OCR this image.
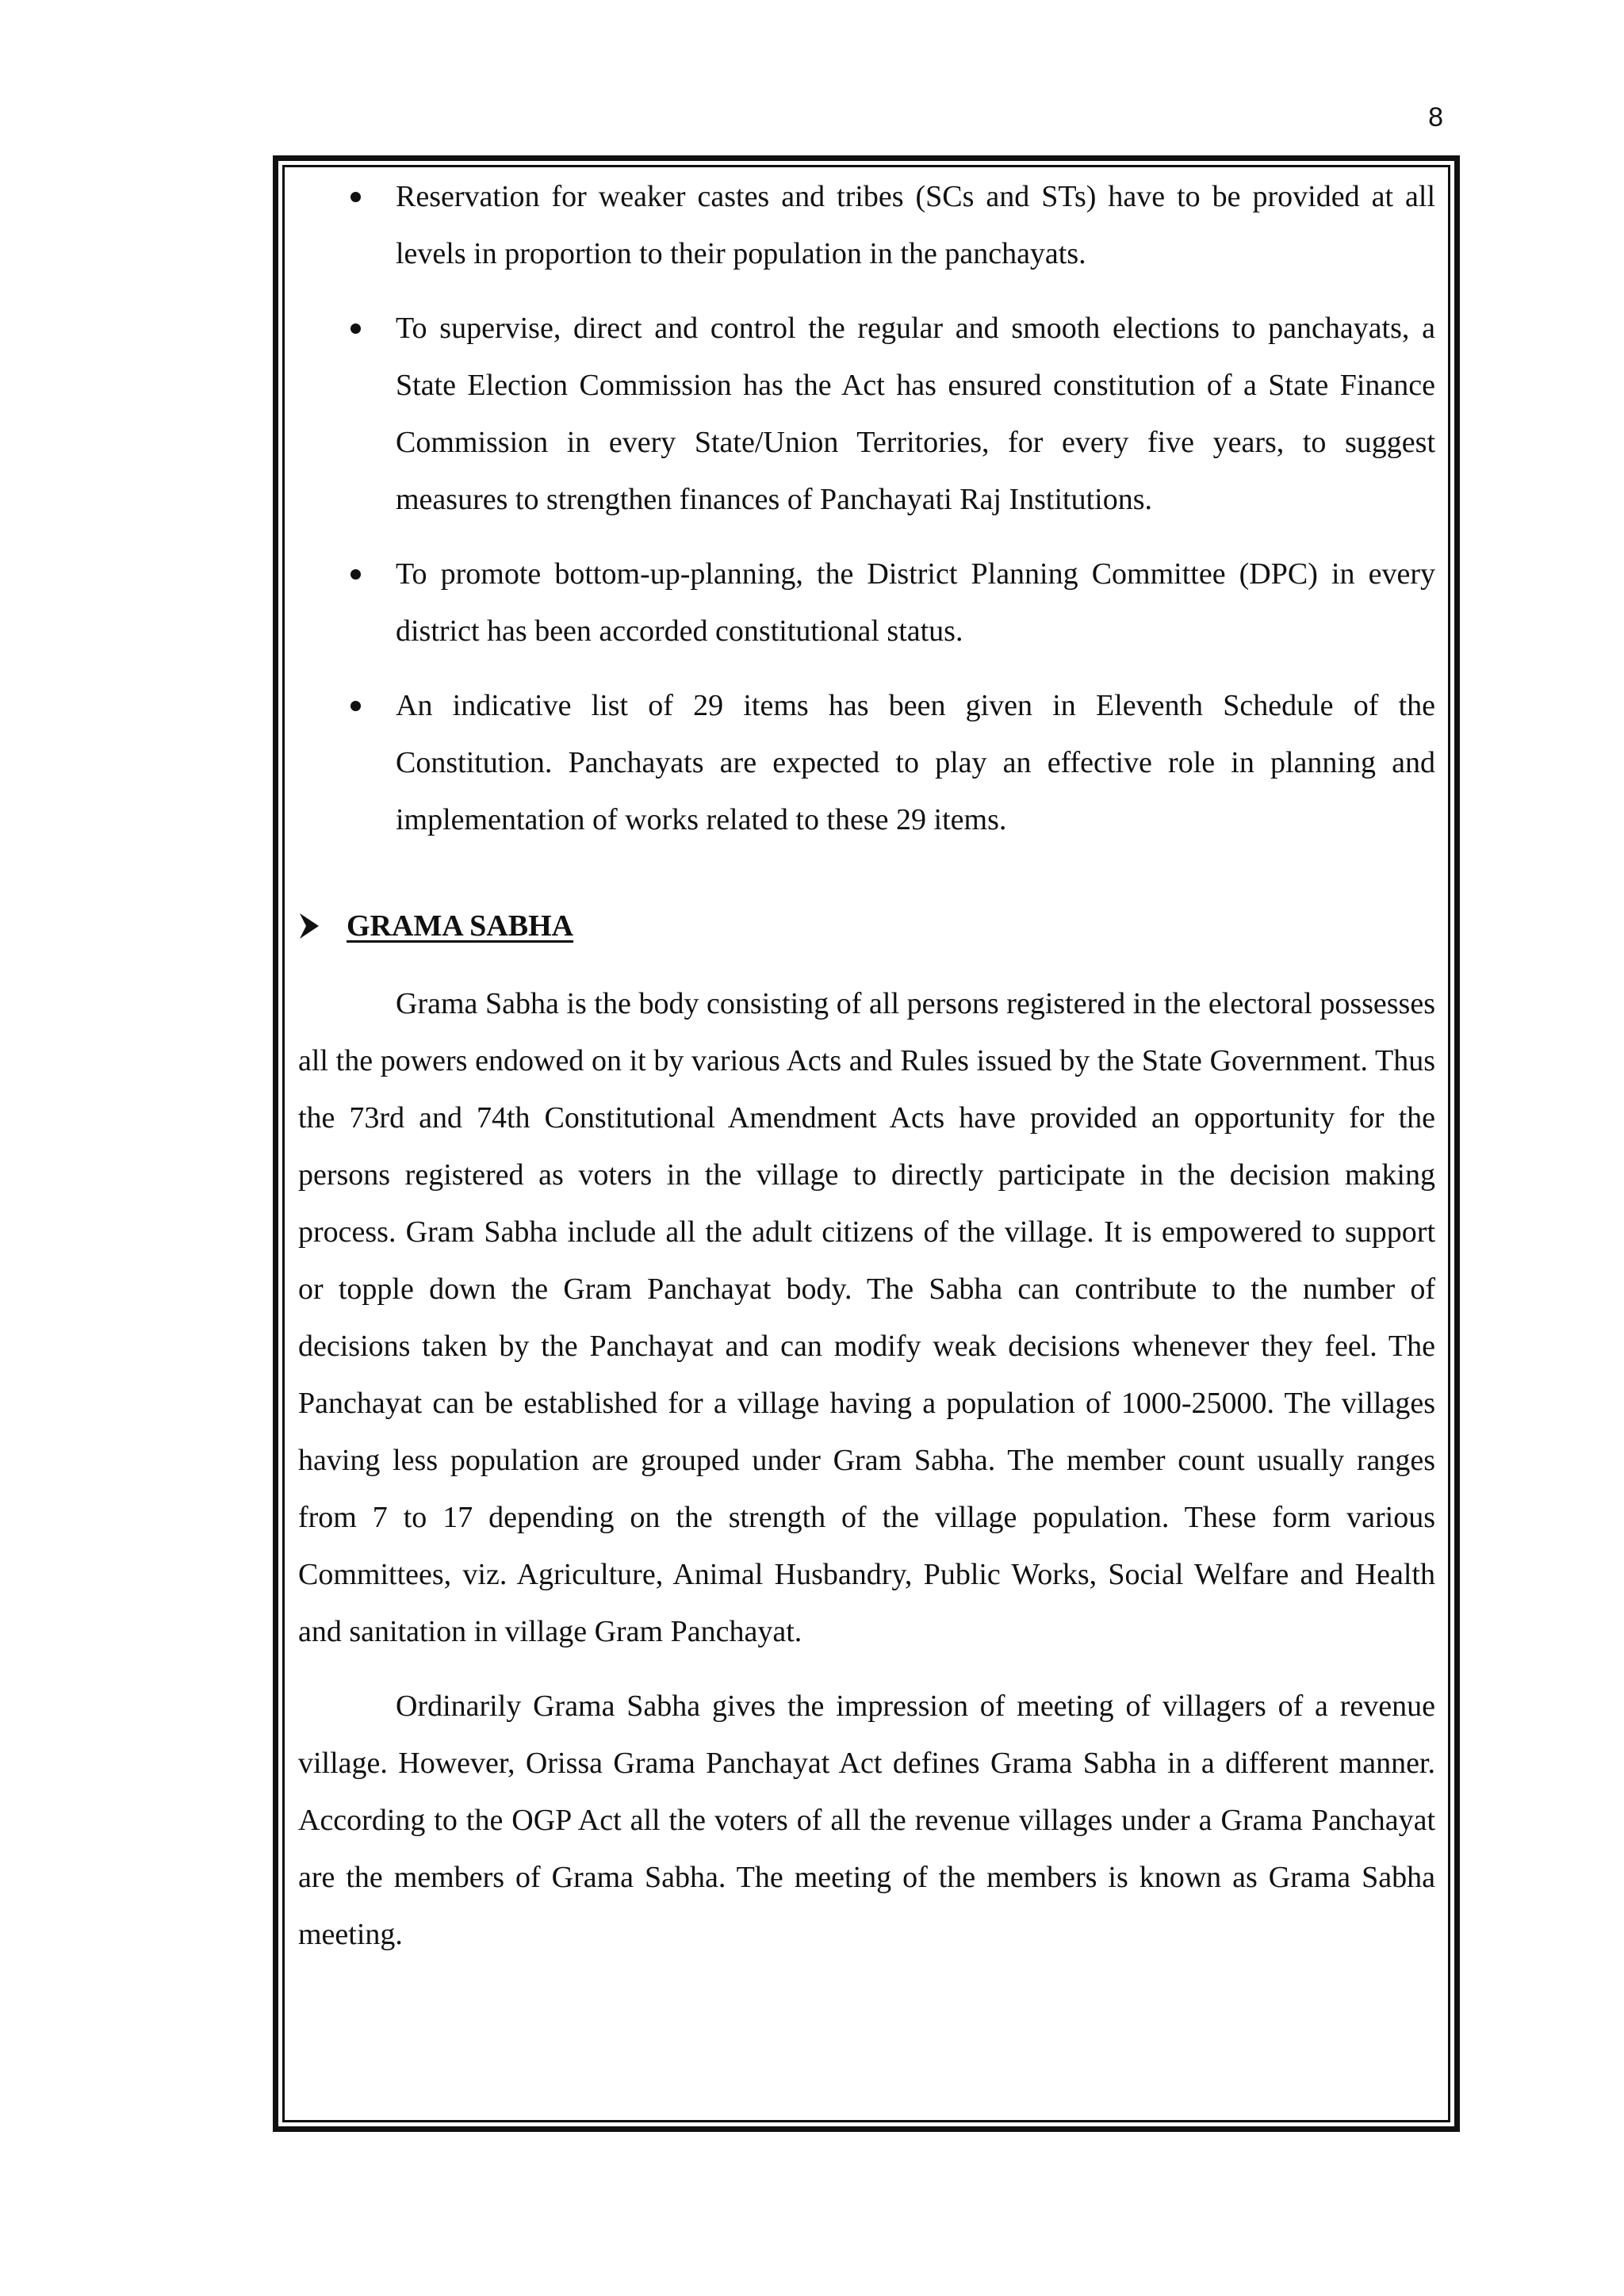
8
Reservation for weaker castes and tribes (SCs and STs) have to be provided at all levels in proportion to their population in the panchayats.
To supervise, direct and control the regular and smooth elections to panchayats, a State Election Commission has the Act has ensured constitution of a State Finance Commission in every State/Union Territories, for every five years, to suggest measures to strengthen finances of Panchayati Raj Institutions.
To promote bottom-up-planning, the District Planning Committee (DPC) in every district has been accorded constitutional status.
An indicative list of 29 items has been given in Eleventh Schedule of the Constitution. Panchayats are expected to play an effective role in planning and implementation of works related to these 29 items.
GRAMA SABHA

Grama Sabha is the body consisting of all persons registered in the electoral possesses all the powers endowed on it by various Acts and Rules issued by the State Government. Thus the 73rd and 74th Constitutional Amendment Acts have provided an opportunity for the persons registered as voters in the village to directly participate in the decision making process. Gram Sabha include all the adult citizens of the village. It is empowered to support or topple down the Gram Panchayat body. The Sabha can contribute to the number of decisions taken by the Panchayat and can modify weak decisions whenever they feel. The Panchayat can be established for a village having a population of 1000-25000. The villages having less population are grouped under Gram Sabha. The member count usually ranges from 7 to 17 depending on the strength of the village population. These form various Committees, viz. Agriculture, Animal Husbandry, Public Works, Social Welfare and Health and sanitation in village Gram Panchayat.

Ordinarily Grama Sabha gives the impression of meeting of villagers of a revenue village. However, Orissa Grama Panchayat Act defines Grama Sabha in a different manner. According to the OGP Act all the voters of all the revenue villages under a Grama Panchayat are the members of Grama Sabha. The meeting of the members is known as Grama Sabha meeting.
